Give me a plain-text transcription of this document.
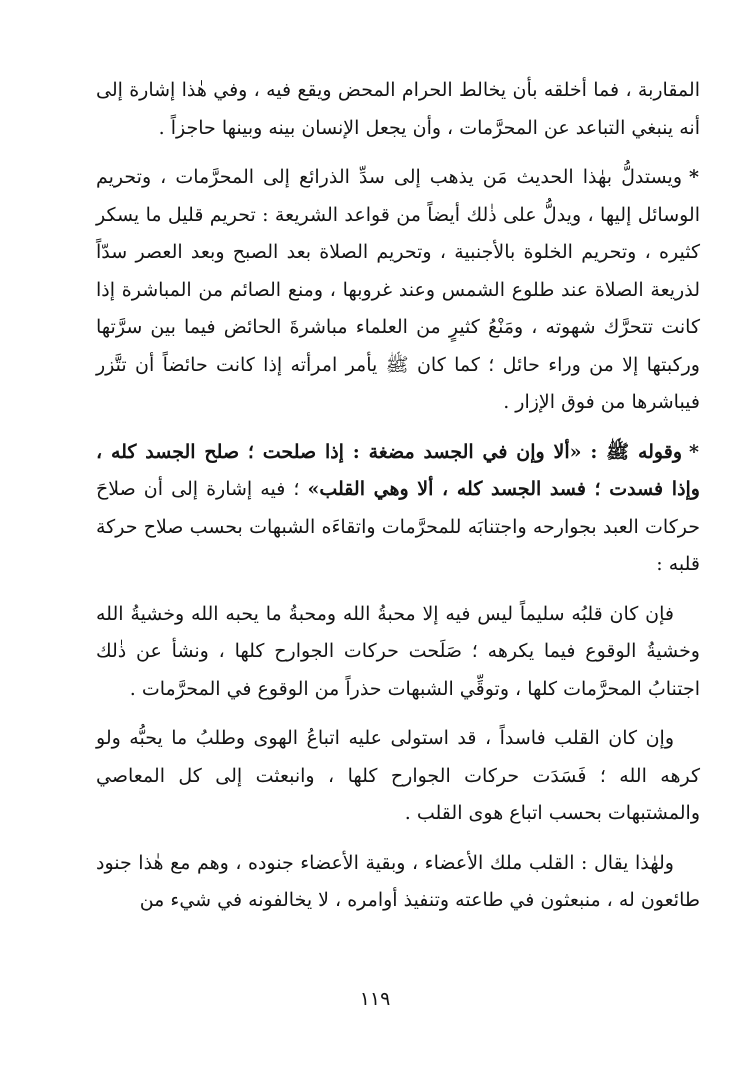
المقاربة ، فما أخلقه بأن يخالط الحرام المحض ويقع فيه ، وفي هٰذا إشارة إلى أنه ينبغي التباعد عن المحرَّمات ، وأن يجعل الإنسان بينه وبينها حاجزاً .

*ويستدلُّ بهٰذا الحديث مَن يذهب إلى سدِّ الذرائع إلى المحرَّمات ، وتحريم الوسائل إليها ، ويدلُّ على ذٰلك أيضاً من قواعد الشريعة : تحريم قليل ما يسكر كثيره ، وتحريم الخلوة بالأجنبية ، وتحريم الصلاة بعد الصبح وبعد العصر سدّاً لذريعة الصلاة عند طلوع الشمس وعند غروبها ، ومنع الصائم من المباشرة إذا كانت تتحرَّك شهوته ، ومَنْعُ كثيرٍ من العلماء مباشرةَ الحائض فيما بين سرَّتها وركبتها إلا من وراء حائل ؛ كما كان ﷺ يأمر امرأته إذا كانت حائضاً أن تتَّزر فيباشرها من فوق الإزار .

*وقوله ﷺ : «ألا وإن في الجسد مضغة : إذا صلحت ؛ صلح الجسد كله ، وإذا فسدت ؛ فسد الجسد كله ، ألا وهي القلب» ؛ فيه إشارة إلى أن صلاحَ حركات العبد بجوارحه واجتنابَه للمحرَّمات واتقاءَه الشبهات بحسب صلاح حركة قلبه :

فإن كان قلبُه سليماً ليس فيه إلا محبةُ الله ومحبةُ ما يحبه الله وخشيةُ الله وخشيةُ الوقوع فيما يكرهه ؛ صَلَحت حركات الجوارح كلها ، ونشأ عن ذٰلك اجتنابُ المحرَّمات كلها ، وتوقِّي الشبهات حذراً من الوقوع في المحرَّمات .

وإن كان القلب فاسداً ، قد استولى عليه اتباعُ الهوى وطلبُ ما يحبُّه ولو كرهه الله ؛ فَسَدَت حركات الجوارح كلها ، وانبعثت إلى كل المعاصي والمشتبهات بحسب اتباع هوى القلب .

ولهٰذا يقال : القلب ملك الأعضاء ، وبقية الأعضاء جنوده ، وهم مع هٰذا جنود طائعون له ، منبعثون في طاعته وتنفيذ أوامره ، لا يخالفونه في شيء من

١١٩
